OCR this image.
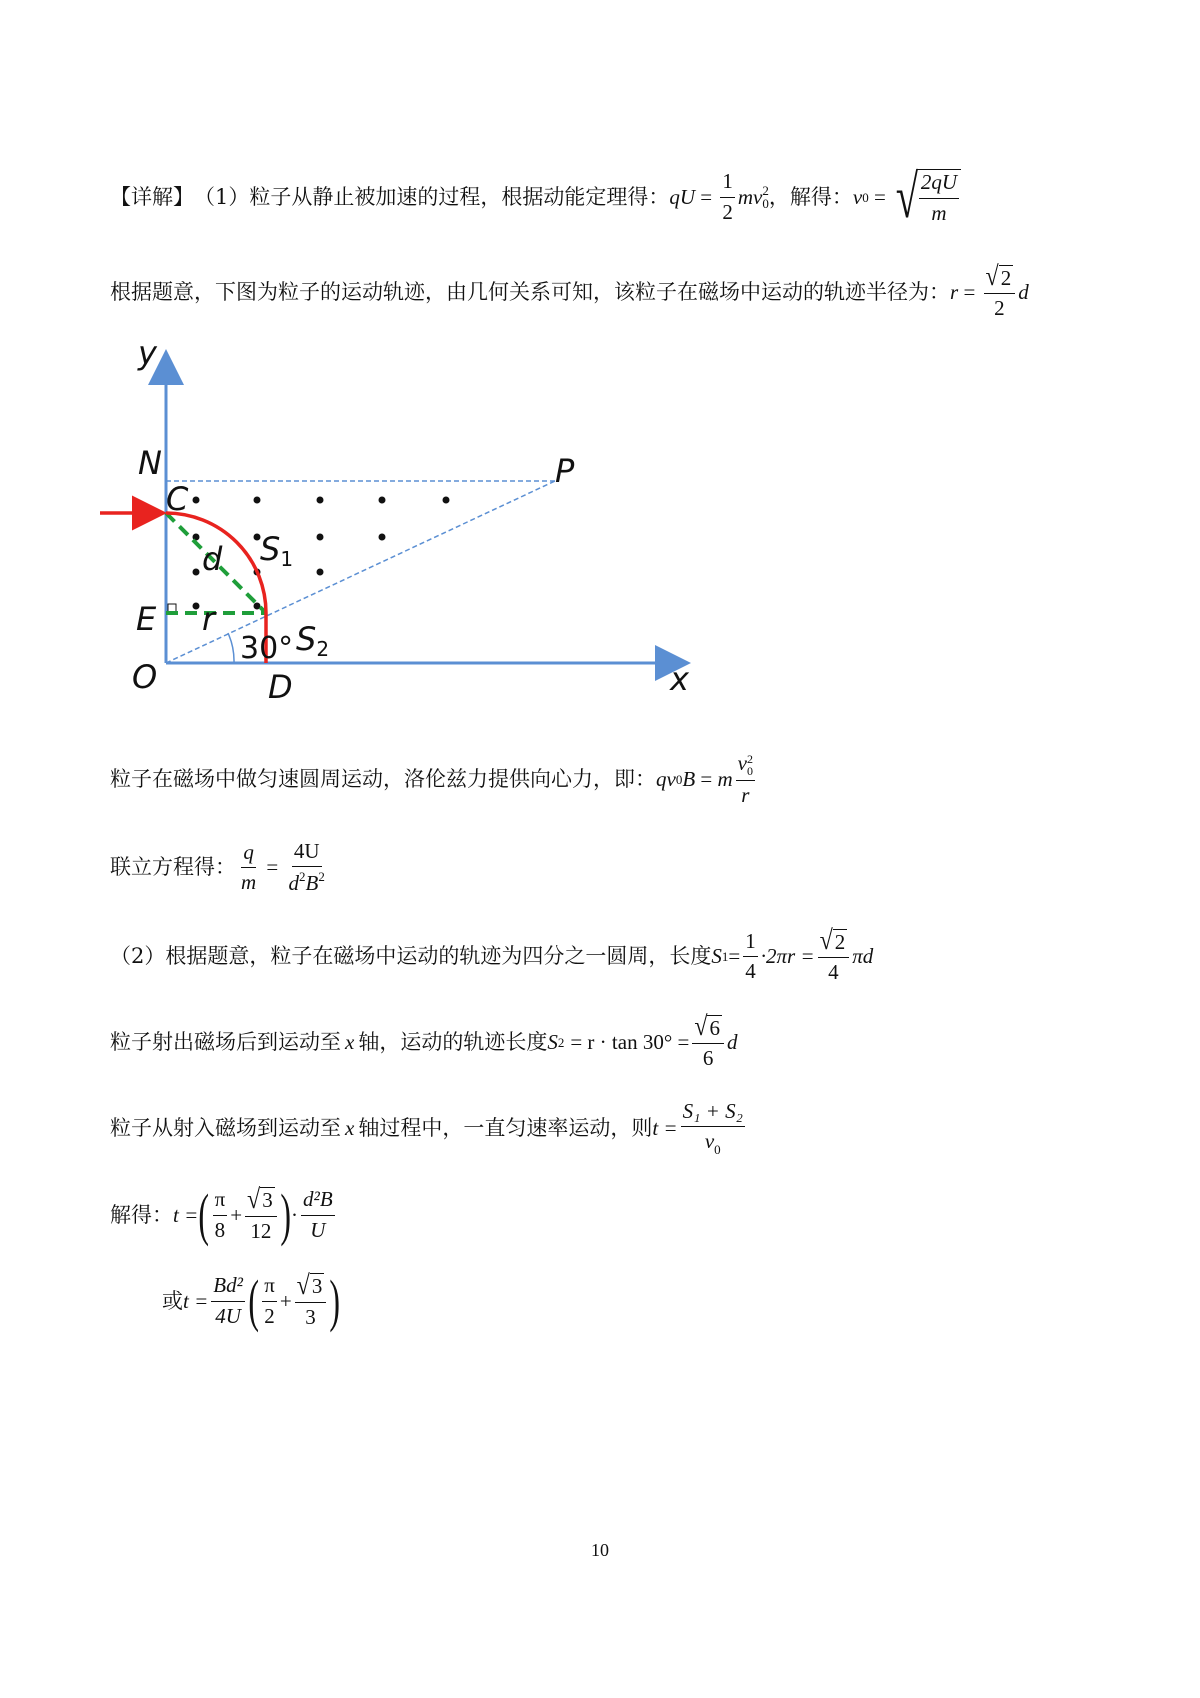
【详解】 （1）粒子从静止被加速的过程，根据动能定理得： qU = $\frac{1}{2}$ mv 2
0 ，解得： v 0 = √ $\frac{2qU}{m}$
根据题意，下图为粒子的运动轨迹，由几何关系可知，该粒子在磁场中运动的轨迹半径为： $r = \frac{√ 2}{2}$ d
y
x
N	P
C
E
O	D
d
r
S1
S2
30°
粒子在磁场中做匀速圆周运动，洛伦兹力提供向心力，即： qv 0 B = m v 2
0
r
联立方程得： $\frac{q}{m} = \frac{4U}{d^2B^2}$
（2）根据题意，粒子在磁场中运动的轨迹为四分之一圆周，长度 S $1 = \frac{1}{4} \cdot 2\pi r = \frac{√ 2}{4}$ πd
粒子射出磁场后到运动至 x 轴，运动的轨迹长度 S $2 = r \cdot \tan 30^\circ = \frac{√ 6}{6}$ d
粒子从射入磁场到运动至 x 轴过程中，一直匀速率运动，则 $t = \frac{\text{S₁ + S₂}}{v_0}$
解得： t = ( $\frac{\pi}{8} + \frac{√ 3}{12}$ ) · $\frac{\text{d²B}}{U}$
或 $t = \frac{\text{Bd²}}{4U}$ ( $\frac{\pi}{2} + \frac{√ 3}{3}$ )
10
